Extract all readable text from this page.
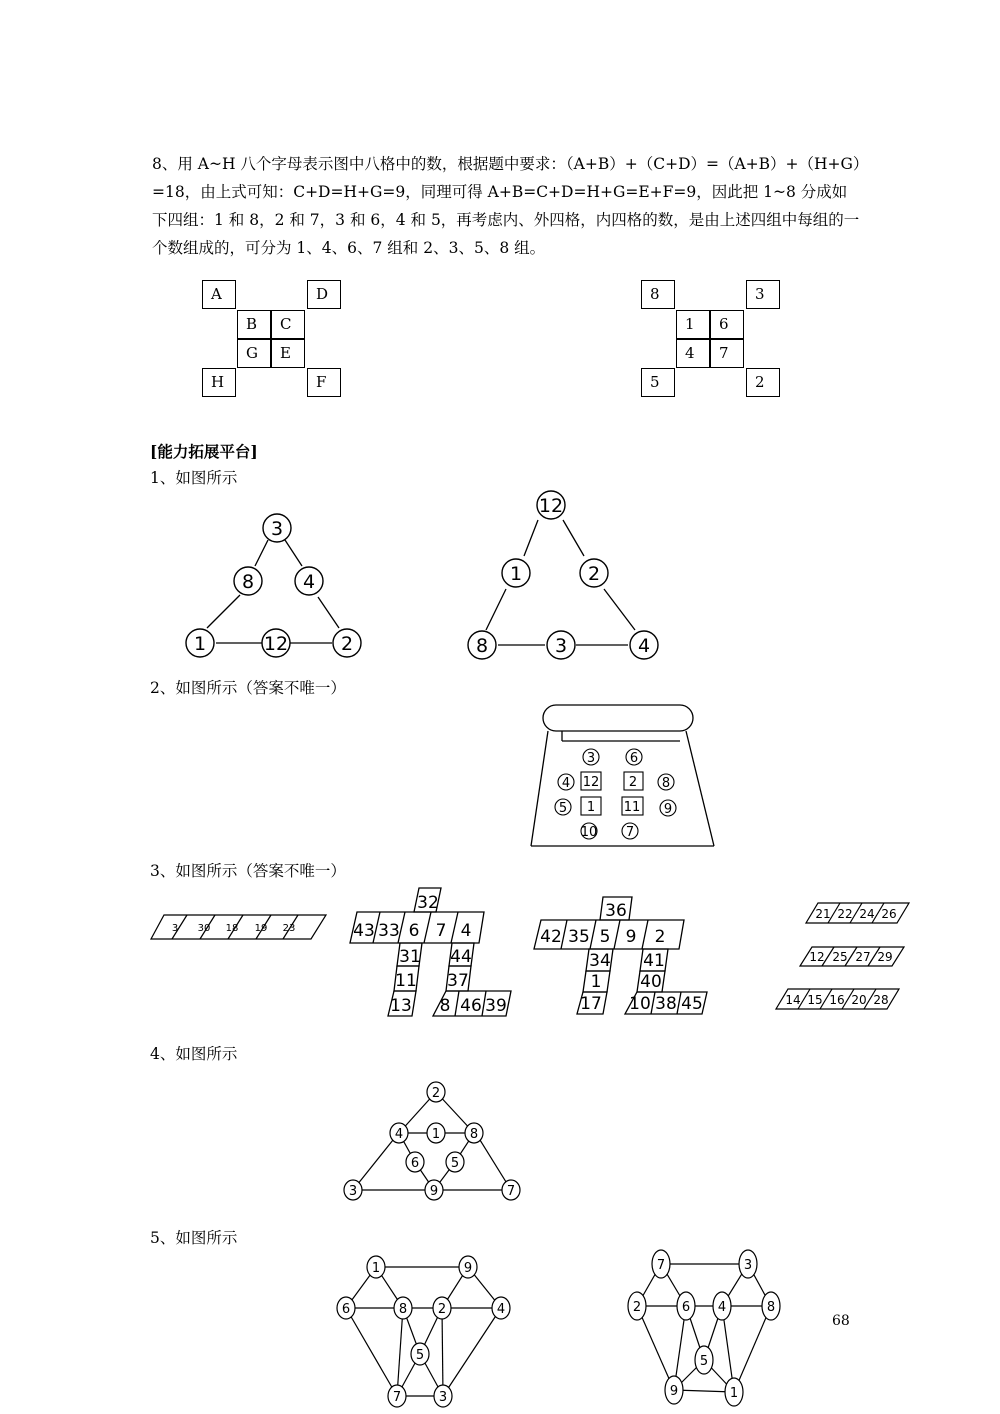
8、用 A~H 八个字母表示图中八格中的数，根据题中要求：（A+B）+（C+D）=（A+B）+（H+G）=18，由上式可知：C+D=H+G=9，同理可得 A+B=C+D=H+G=E+F=9，因此把 1~8 分成如下四组：1 和 8，2 和 7，3 和 6，4 和 5，再考虑内、外四格，内四格的数，是由上述四组中每组的一个数组成的，可分为 1、4、6、7 组和 2、3、5、8 组。

A	D
B	C
G	E
H	F
8	3
1	6
4	7
5	2
[能力拓展平台]
1、如图所示
2、如图所示（答案不唯一）
3、如图所示（答案不唯一）
4、如图所示
5、如图所示
3
8	4
1	12	2
12
1	2
8	3	4
3	6
4	8
5	9
10 7
12 2
1 11
3 30 18 19 23
32
43 33 6 7 4
31 44
11 37
13 8 46 39
36
42 35 5 9 2
34 41
1 40
17 10 38 45
21 22 24 26
12 25 27 29
14 15 16 20 28
2
4 1 8
6 5
3	9	7
1	9
6	8 2	4
5
7	3
7	3
2	6 4	8
5
9	1
68
